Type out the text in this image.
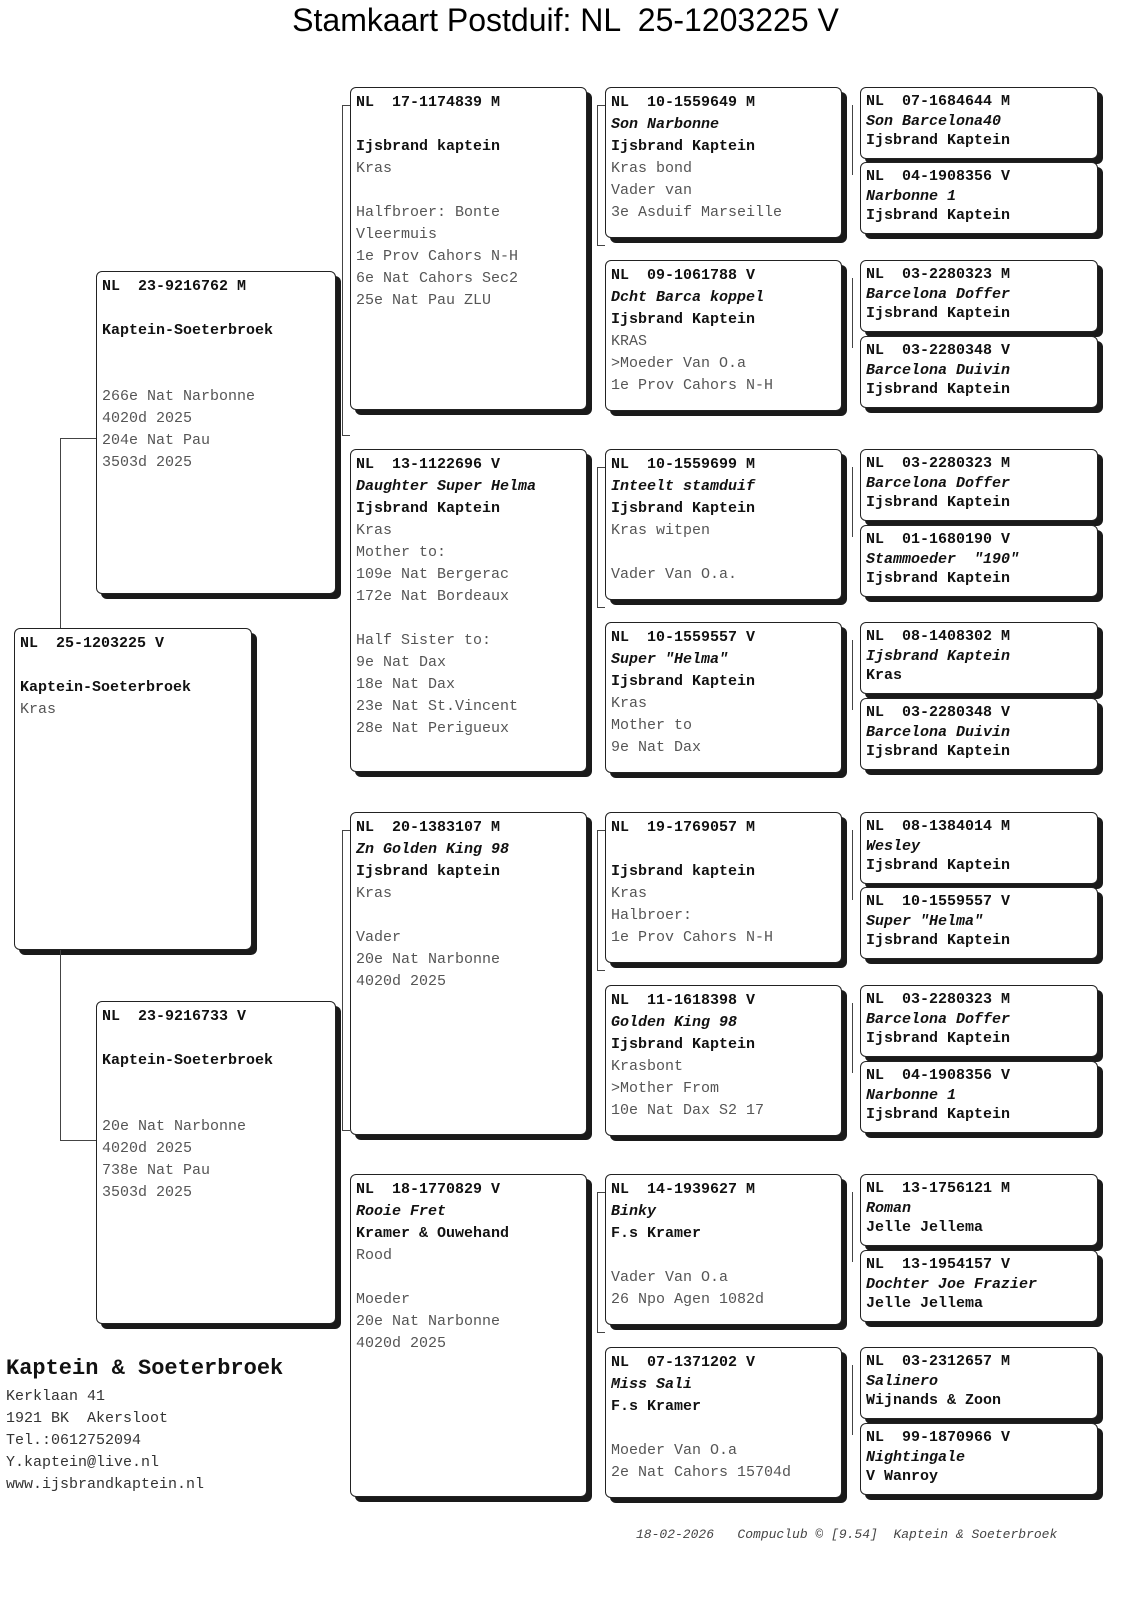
Stamkaart Postduif: NL  25-1203225 V
NL  25-1203225 V
Kaptein-Soeterbroek
Kras
NL  23-9216762 M
Kaptein-Soeterbroek
266e Nat Narbonne
4020d 2025
204e Nat Pau
3503d 2025
NL  23-9216733 V
Kaptein-Soeterbroek
20e Nat Narbonne
4020d 2025
738e Nat Pau
3503d 2025
NL  17-1174839 M
Ijsbrand kaptein
Kras
Halfbroer: Bonte
Vleermuis
1e Prov Cahors N-H
6e Nat Cahors Sec2
25e Nat Pau ZLU
NL  13-1122696 V
Daughter Super Helma
Ijsbrand Kaptein
Kras
Mother to:
109e Nat Bergerac
172e Nat Bordeaux
Half Sister to:
9e Nat Dax
18e Nat Dax
23e Nat St.Vincent
28e Nat Perigueux
NL  20-1383107 M
Zn Golden King 98
Ijsbrand kaptein
Kras
Vader
20e Nat Narbonne
4020d 2025
NL  18-1770829 V
Rooie Fret
Kramer & Ouwehand
Rood
Moeder
20e Nat Narbonne
4020d 2025
NL  10-1559649 M
Son Narbonne
Ijsbrand Kaptein
Kras bond
Vader van
3e Asduif Marseille
NL  09-1061788 V
Dcht Barca koppel
Ijsbrand Kaptein
KRAS
>Moeder Van O.a
1e Prov Cahors N-H
NL  10-1559699 M
Inteelt stamduif
Ijsbrand Kaptein
Kras witpen
Vader Van O.a.
NL  10-1559557 V
Super "Helma"
Ijsbrand Kaptein
Kras
Mother to
9e Nat Dax
NL  19-1769057 M
Ijsbrand kaptein
Kras
Halbroer:
1e Prov Cahors N-H
NL  11-1618398 V
Golden King 98
Ijsbrand Kaptein
Krasbont
>Mother From
10e Nat Dax S2 17
NL  14-1939627 M
Binky
F.s Kramer
Vader Van O.a
26 Npo Agen 1082d
NL  07-1371202 V
Miss Sali
F.s Kramer
Moeder Van O.a
2e Nat Cahors 15704d
NL  07-1684644 M
Son Barcelona40
Ijsbrand Kaptein
NL  04-1908356 V
Narbonne 1
Ijsbrand Kaptein
NL  03-2280323 M
Barcelona Doffer
Ijsbrand Kaptein
NL  03-2280348 V
Barcelona Duivin
Ijsbrand Kaptein
NL  03-2280323 M
Barcelona Doffer
Ijsbrand Kaptein
NL  01-1680190 V
Stammoeder  "190"
Ijsbrand Kaptein
NL  08-1408302 M
Ijsbrand Kaptein
Kras
NL  03-2280348 V
Barcelona Duivin
Ijsbrand Kaptein
NL  08-1384014 M
Wesley
Ijsbrand Kaptein
NL  10-1559557 V
Super "Helma"
Ijsbrand Kaptein
NL  03-2280323 M
Barcelona Doffer
Ijsbrand Kaptein
NL  04-1908356 V
Narbonne 1
Ijsbrand Kaptein
NL  13-1756121 M
Roman
Jelle Jellema
NL  13-1954157 V
Dochter Joe Frazier
Jelle Jellema
NL  03-2312657 M
Salinero
Wijnands & Zoon
NL  99-1870966 V
Nightingale
V Wanroy
Kaptein & Soeterbroek
Kerklaan 41
1921 BK  Akersloot
Tel.:0612752094
Y.kaptein@live.nl
www.ijsbrandkaptein.nl
18-02-2026   Compuclub © [9.54]  Kaptein & Soeterbroek
